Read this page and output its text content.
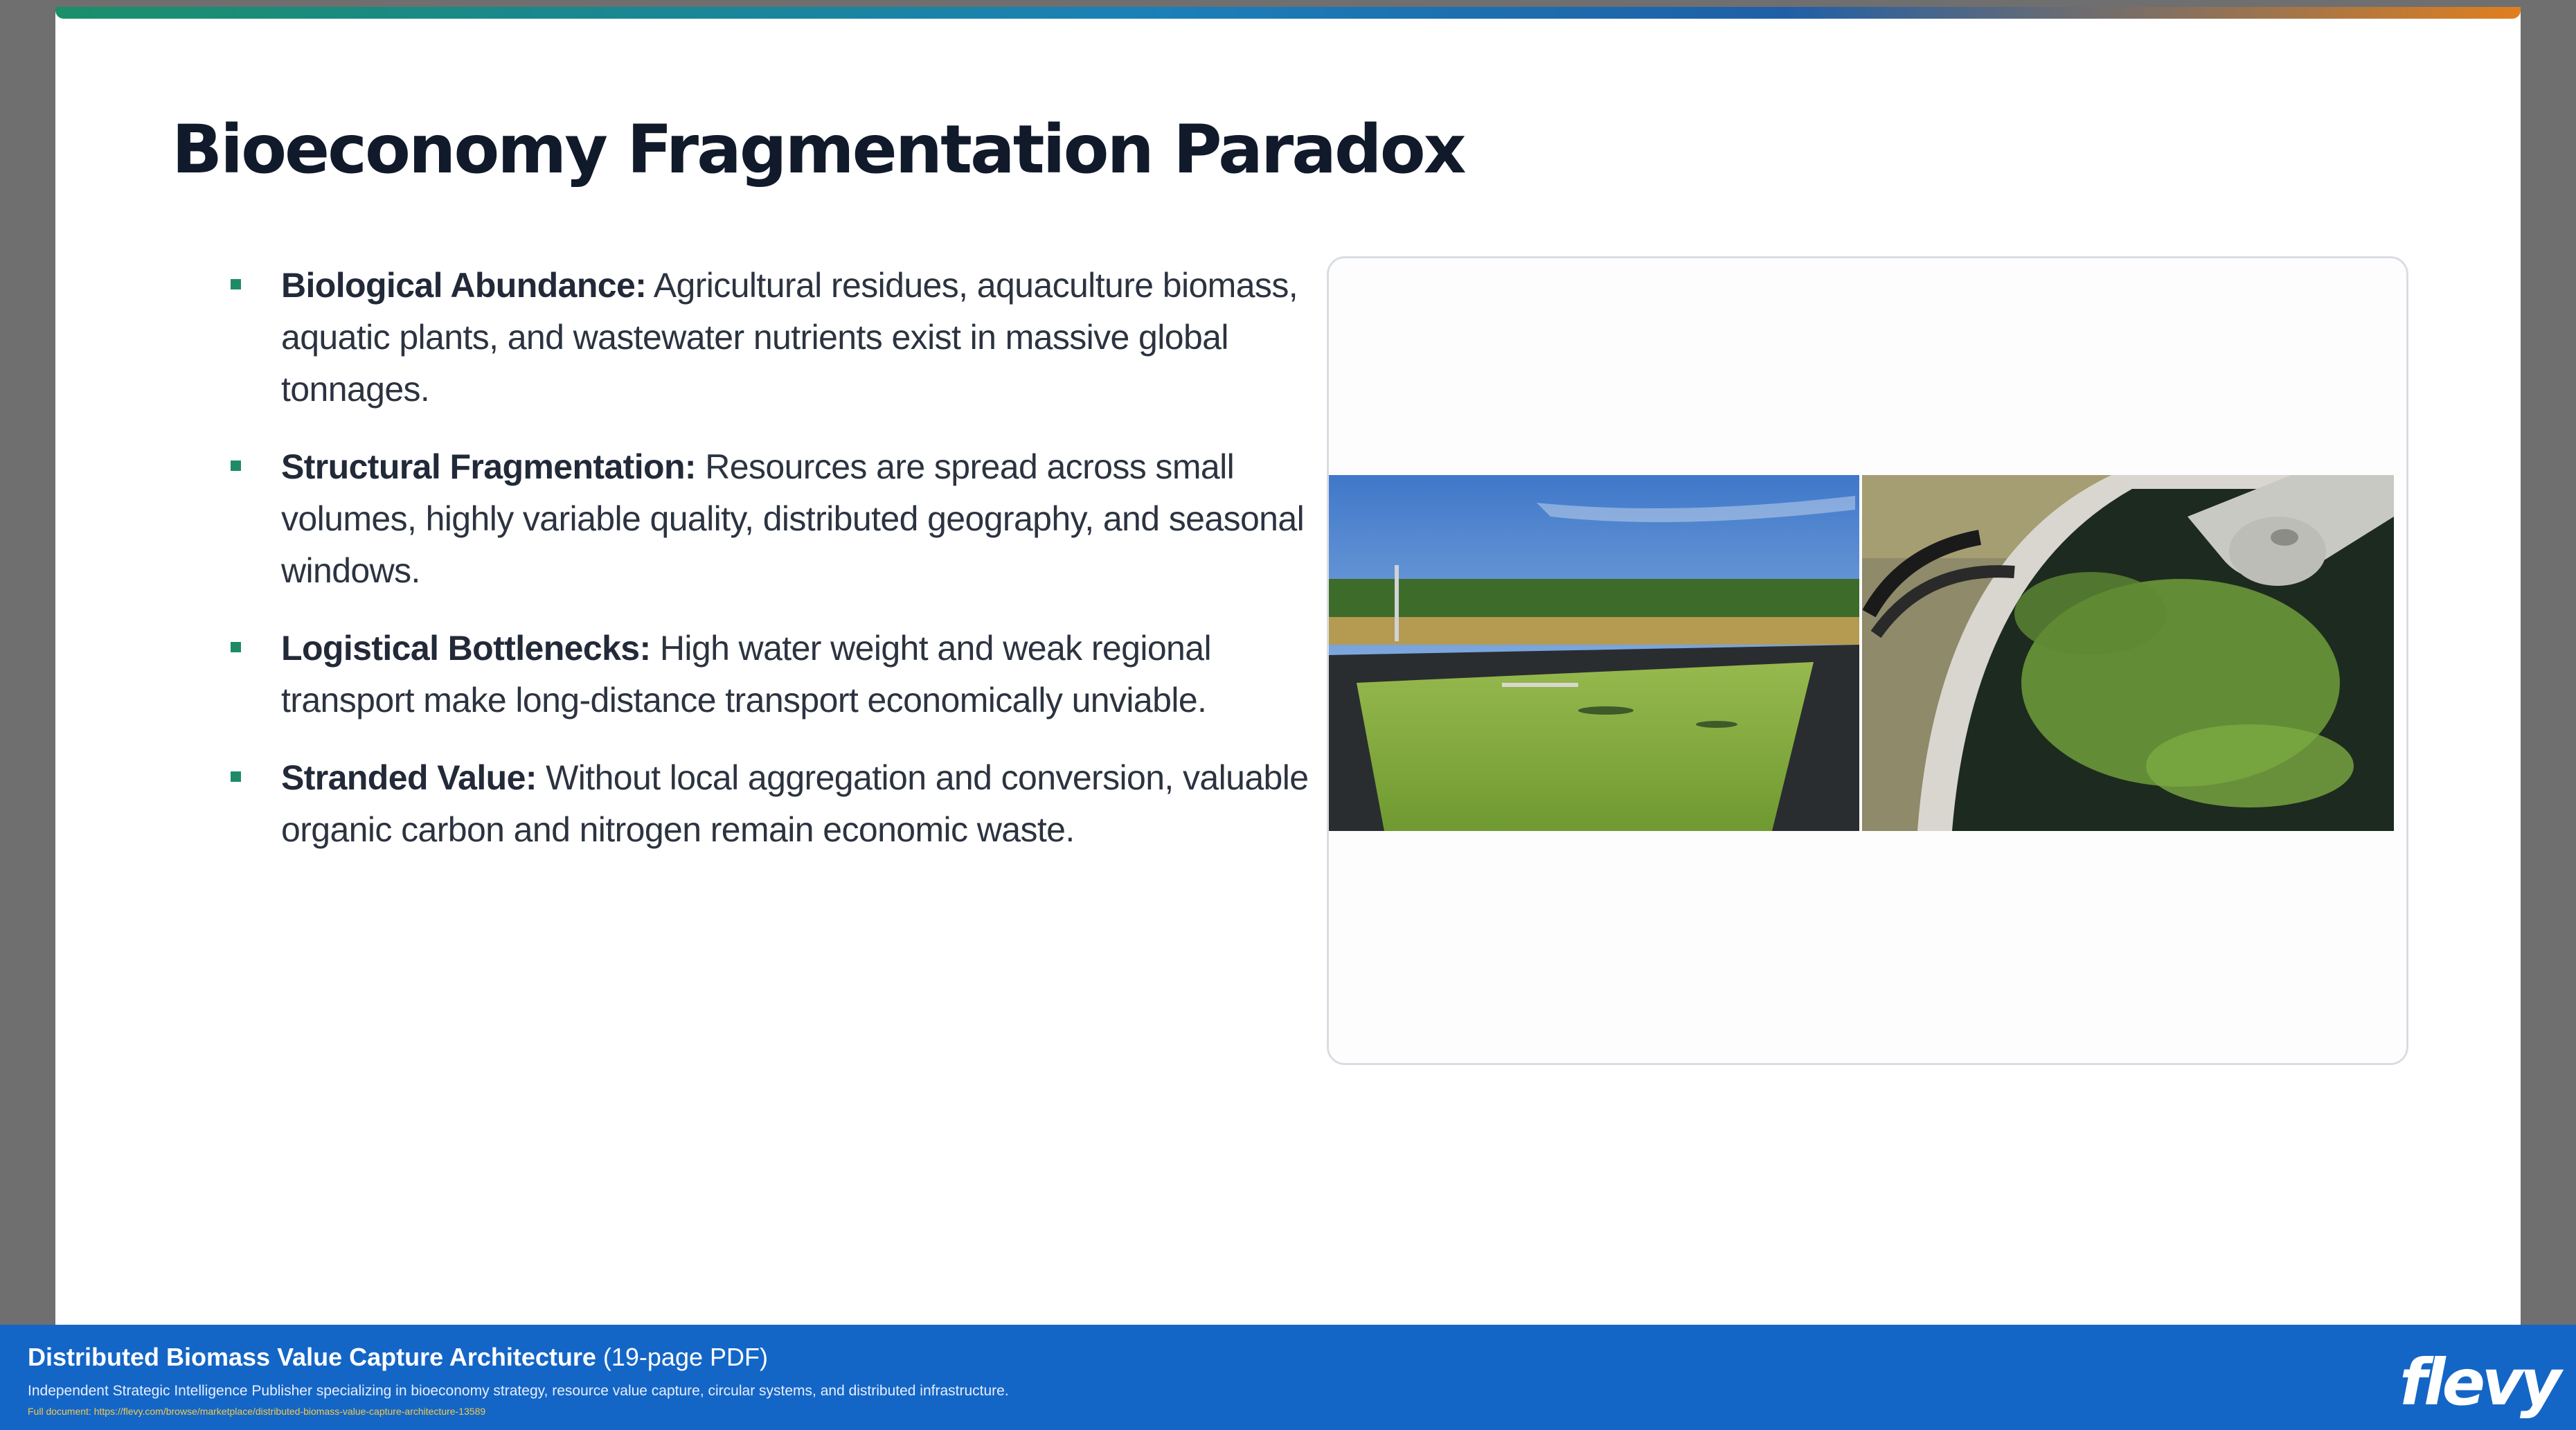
Bioeconomy Fragmentation Paradox
Biological Abundance: Agricultural residues, aquaculture biomass, aquatic plants, and wastewater nutrients exist in massive global tonnages.
Structural Fragmentation: Resources are spread across small volumes, highly variable quality, distributed geography, and seasonal windows.
Logistical Bottlenecks: High water weight and weak regional transport make long-distance transport economically unviable.
Stranded Value: Without local aggregation and conversion, valuable organic carbon and nitrogen remain economic waste.
Distributed Biomass Value Capture Architecture (19-page PDF)
Independent Strategic Intelligence Publisher specializing in bioeconomy strategy, resource value capture, circular systems, and distributed infrastructure.
Full document: https://flevy.com/browse/marketplace/distributed-biomass-value-capture-architecture-13589	flevy
